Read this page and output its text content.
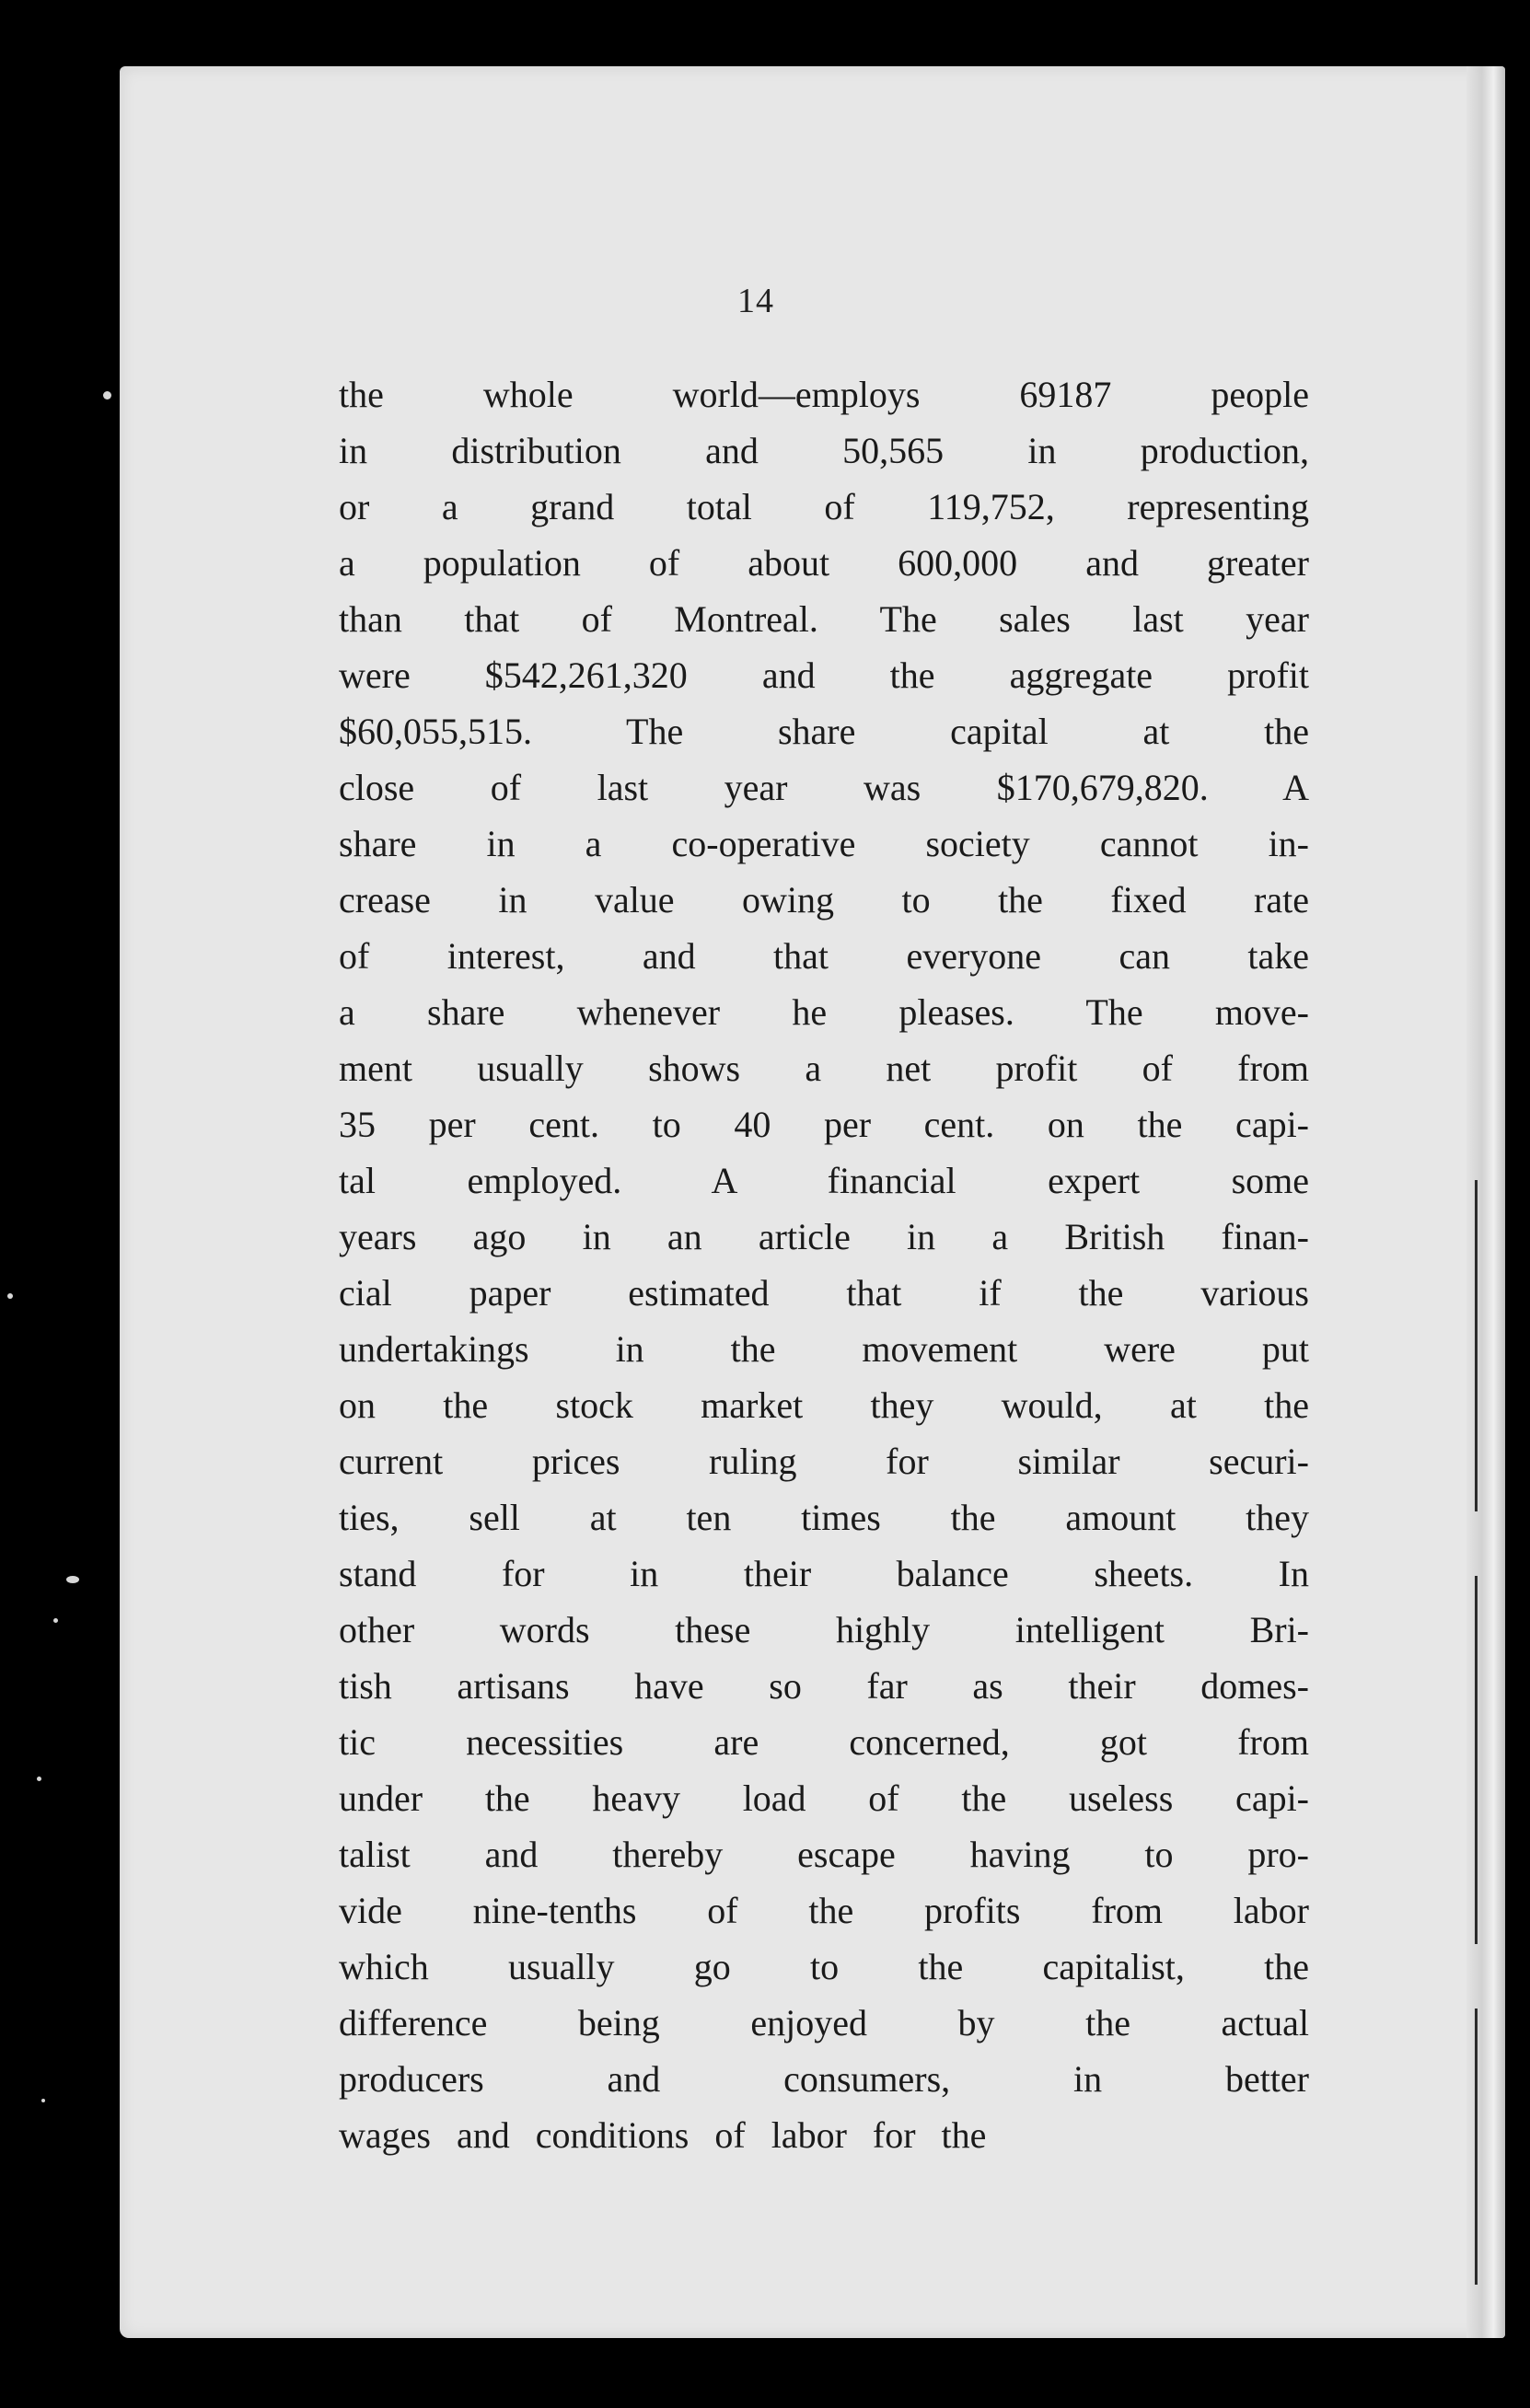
14
the whole world—employs 69187 people
in distribution and 50,565 in production,
or a grand total of 119,752, representing
a population of about 600,000 and greater
than that of Montreal. The sales last year
were $542,261,320 and the aggregate profit
$60,055,515. The share capital at the
close of last year was $170,679,820. A
share in a co-operative society cannot in-
crease in value owing to the fixed rate
of interest, and that everyone can take
a share whenever he pleases. The move-
ment usually shows a net profit of from
35 per cent. to 40 per cent. on the capi-
tal employed. A financial expert some
years ago in an article in a British finan-
cial paper estimated that if the various
undertakings in the movement were put
on the stock market they would, at the
current prices ruling for similar securi-
ties, sell at ten times the amount they
stand for in their balance sheets. In
other words these highly intelligent Bri-
tish artisans have so far as their domes-
tic necessities are concerned, got from
under the heavy load of the useless capi-
talist and thereby escape having to pro-
vide nine-tenths of the profits from labor
which usually go to the capitalist, the
difference being enjoyed by the actual
producers and consumers, in better
wages and conditions of labor for the
